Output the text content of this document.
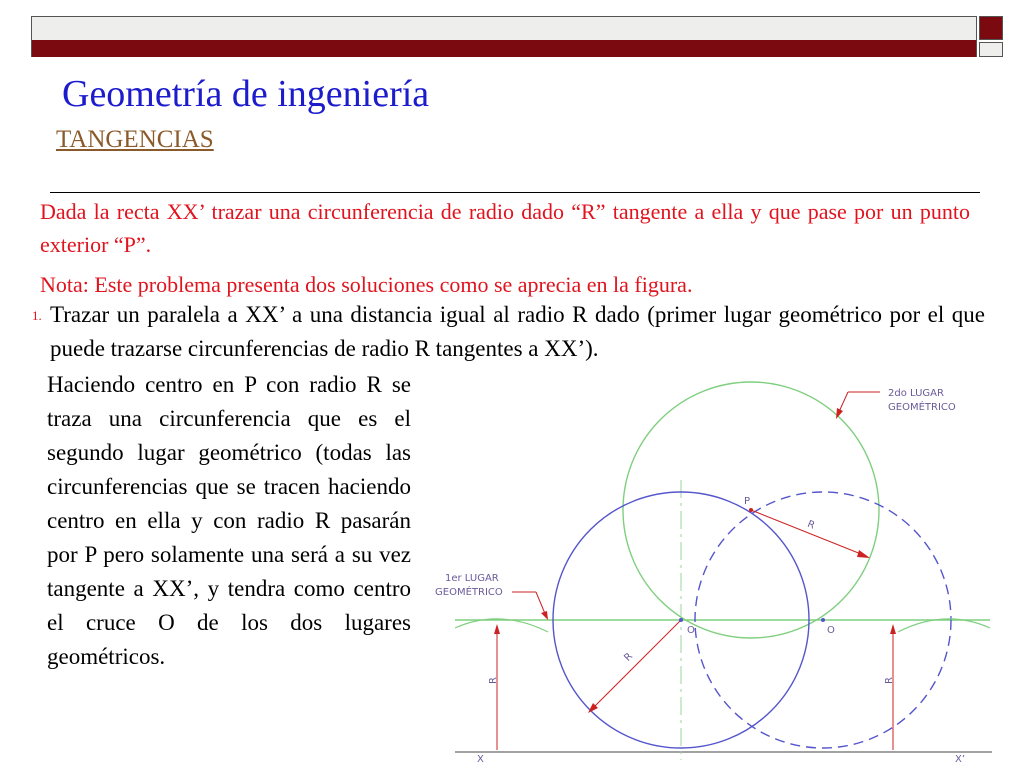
Geometría de ingeniería
TANGENCIAS
Dada la recta XX’ trazar una circunferencia de radio dado “R” tangente a ella y que pase por un punto exterior “P”.
Nota: Este problema presenta dos soluciones como se aprecia en la figura.
1. Trazar un paralela a XX’ a una distancia igual al radio R dado (primer lugar geométrico por el que puede trazarse circunferencias de radio R tangentes a XX’).
Haciendo centro en P con radio R se traza una circunferencia que es el segundo lugar geométrico (todas las circunferencias que se tracen haciendo centro en ella y con radio R pasarán por P pero solamente una será a su vez tangente a XX’, y tendra como centro el cruce O de los dos lugares geométricos.
2do LUGAR
GEOMÉTRICO
1er LUGAR
GEOMÉTRICO
P
O	O
R
R
R	R
X	X’
